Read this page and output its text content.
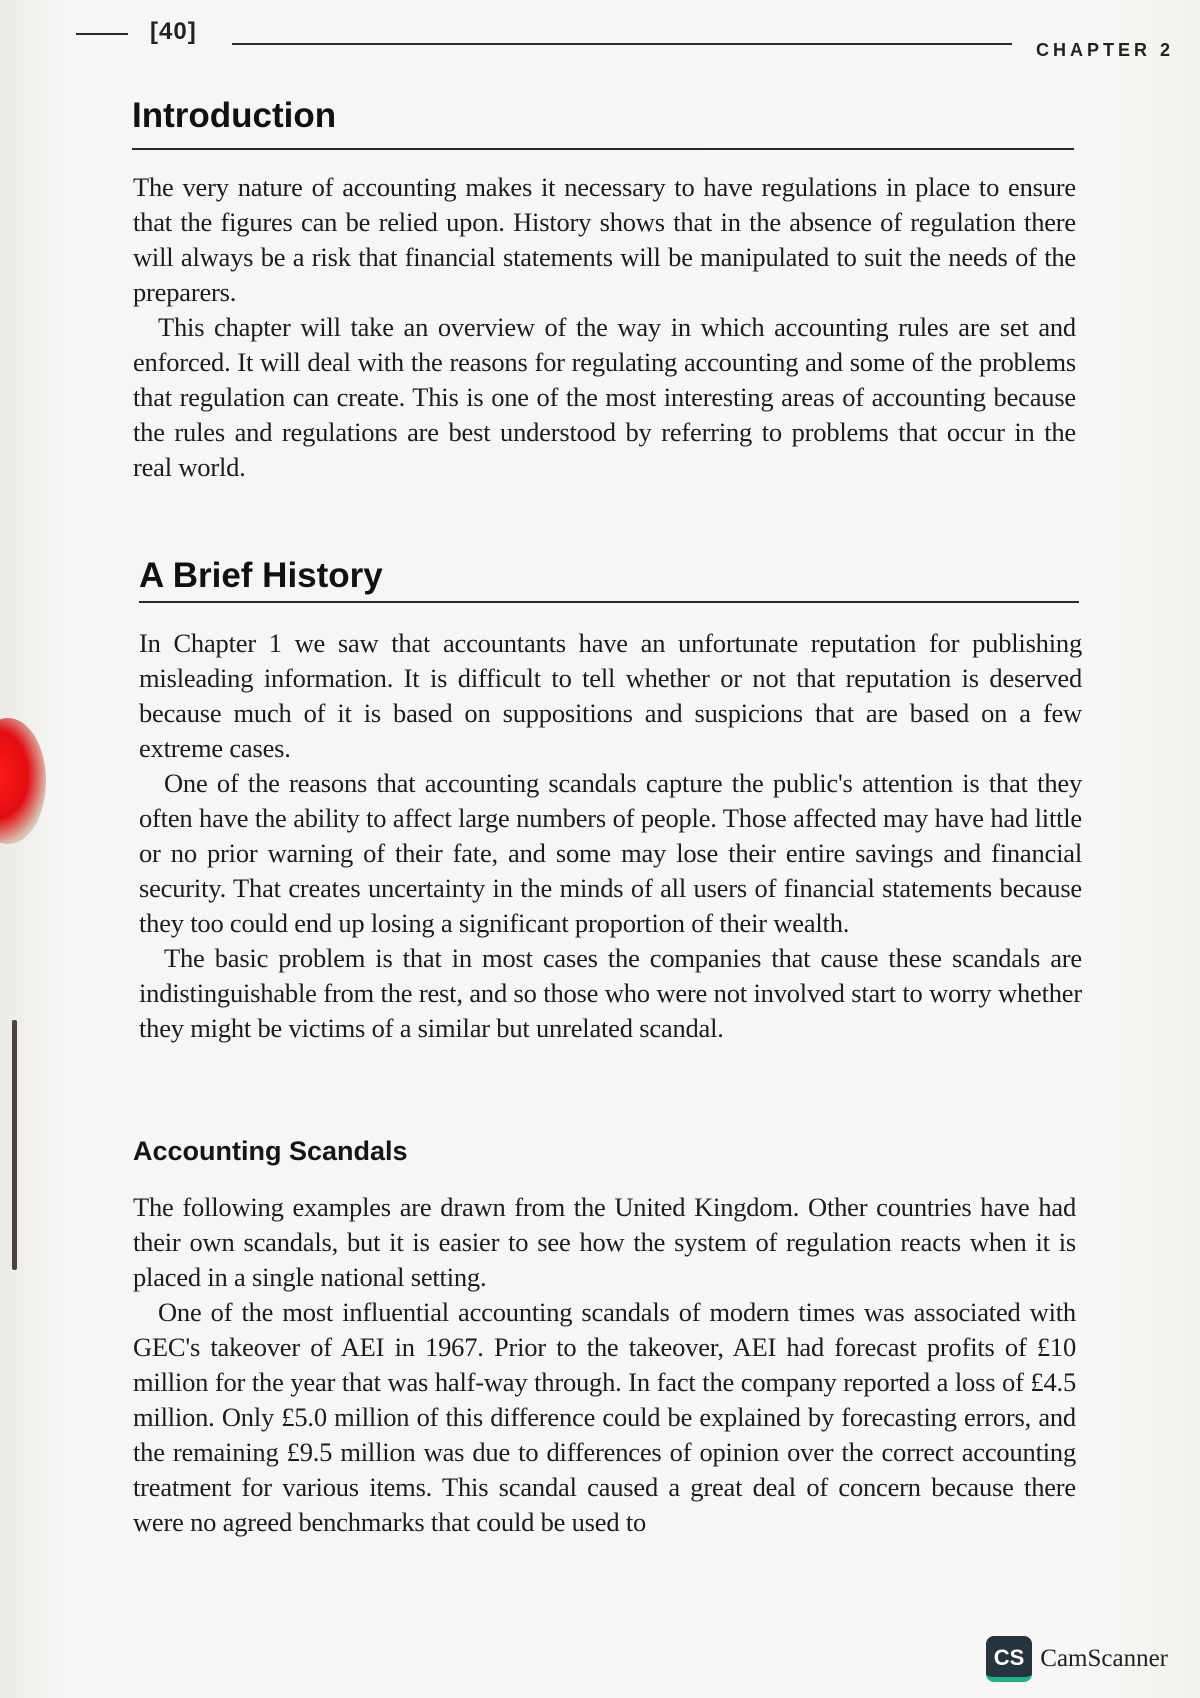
[40]
CHAPTER 2
Introduction

The very nature of accounting makes it necessary to have regulations in place to ensure that the figures can be relied upon. History shows that in the absence of regulation there will always be a risk that financial statements will be manipulated to suit the needs of the preparers.

This chapter will take an overview of the way in which accounting rules are set and enforced. It will deal with the reasons for regulating accounting and some of the problems that regulation can create. This is one of the most interesting areas of accounting because the rules and regulations are best understood by referring to problems that occur in the real world.

A Brief History

In Chapter 1 we saw that accountants have an unfortunate reputation for publishing misleading information. It is difficult to tell whether or not that reputation is deserved because much of it is based on suppositions and suspicions that are based on a few extreme cases.

One of the reasons that accounting scandals capture the public's attention is that they often have the ability to affect large numbers of people. Those affected may have had little or no prior warning of their fate, and some may lose their entire savings and financial security. That creates uncertainty in the minds of all users of financial statements because they too could end up losing a significant proportion of their wealth.

The basic problem is that in most cases the companies that cause these scandals are indistinguishable from the rest, and so those who were not involved start to worry whether they might be victims of a similar but unrelated scandal.

Accounting Scandals

The following examples are drawn from the United Kingdom. Other countries have had their own scandals, but it is easier to see how the system of regulation reacts when it is placed in a single national setting.

One of the most influential accounting scandals of modern times was associated with GEC's takeover of AEI in 1967. Prior to the takeover, AEI had forecast profits of £10 million for the year that was half-way through. In fact the company reported a loss of £4.5 million. Only £5.0 million of this difference could be explained by forecasting errors, and the remaining £9.5 million was due to differences of opinion over the correct accounting treatment for various items. This scandal caused a great deal of concern because there were no agreed benchmarks that could be used to

CS CamScanner
